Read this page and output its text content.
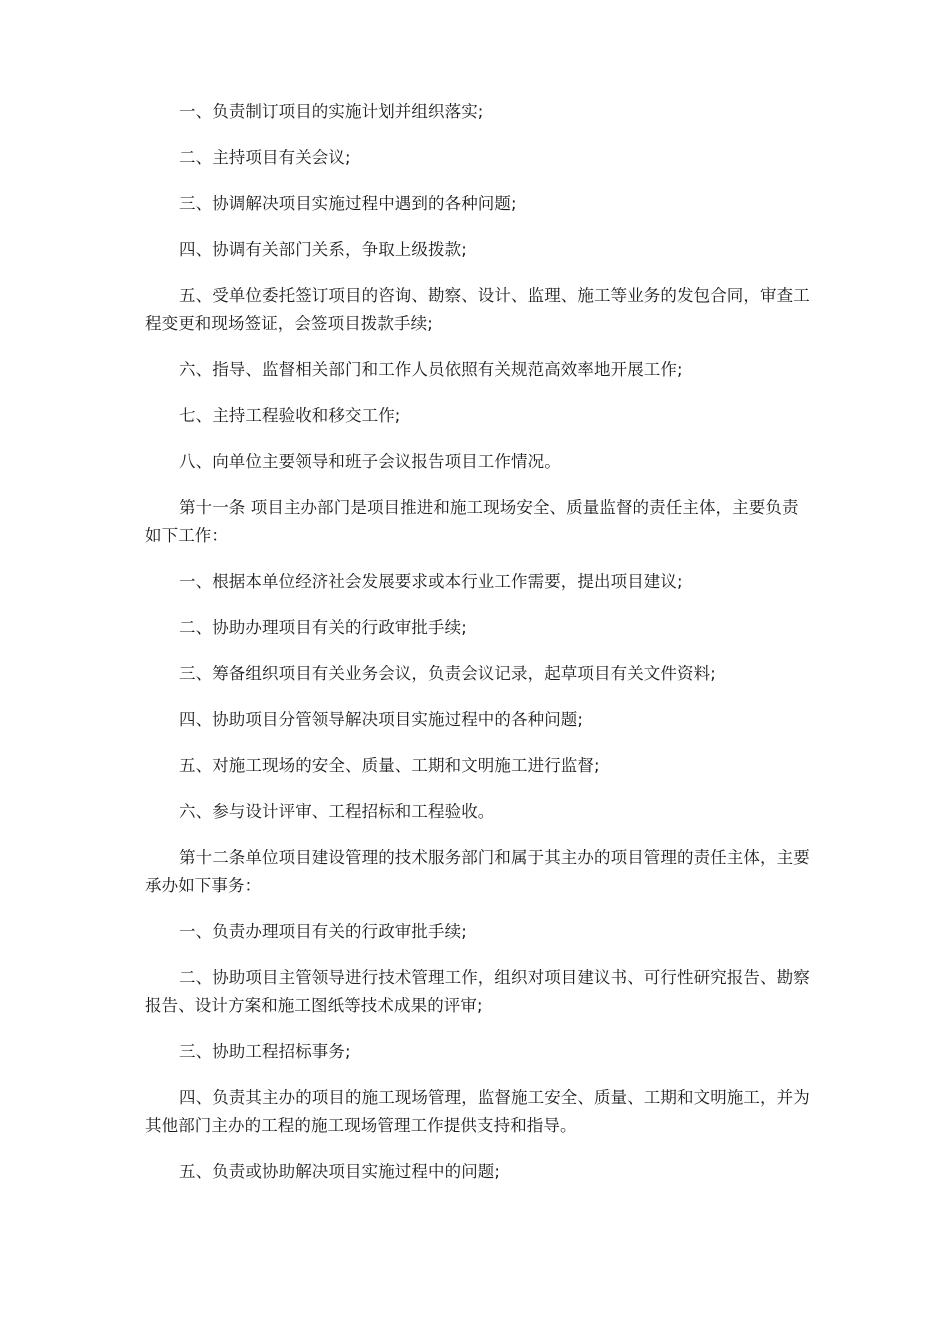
一、负责制订项目的实施计划并组织落实;

二、主持项目有关会议;

三、协调解决项目实施过程中遇到的各种问题;

四、协调有关部门关系，争取上级拨款;

五、受单位委托签订项目的咨询、勘察、设计、监理、施工等业务的发包合同，审查工程变更和现场签证，会签项目拨款手续;

六、指导、监督相关部门和工作人员依照有关规范高效率地开展工作;

七、主持工程验收和移交工作;

八、向单位主要领导和班子会议报告项目工作情况。

第十一条 项目主办部门是项目推进和施工现场安全、质量监督的责任主体，主要负责如下工作：

一、根据本单位经济社会发展要求或本行业工作需要，提出项目建议;

二、协助办理项目有关的行政审批手续;

三、筹备组织项目有关业务会议，负责会议记录，起草项目有关文件资料;

四、协助项目分管领导解决项目实施过程中的各种问题;

五、对施工现场的安全、质量、工期和文明施工进行监督;

六、参与设计评审、工程招标和工程验收。

第十二条单位项目建设管理的技术服务部门和属于其主办的项目管理的责任主体，主要承办如下事务：

一、负责办理项目有关的行政审批手续;

二、协助项目主管领导进行技术管理工作，组织对项目建议书、可行性研究报告、勘察报告、设计方案和施工图纸等技术成果的评审;

三、协助工程招标事务;

四、负责其主办的项目的施工现场管理，监督施工安全、质量、工期和文明施工，并为其他部门主办的工程的施工现场管理工作提供支持和指导。

五、负责或协助解决项目实施过程中的问题;
